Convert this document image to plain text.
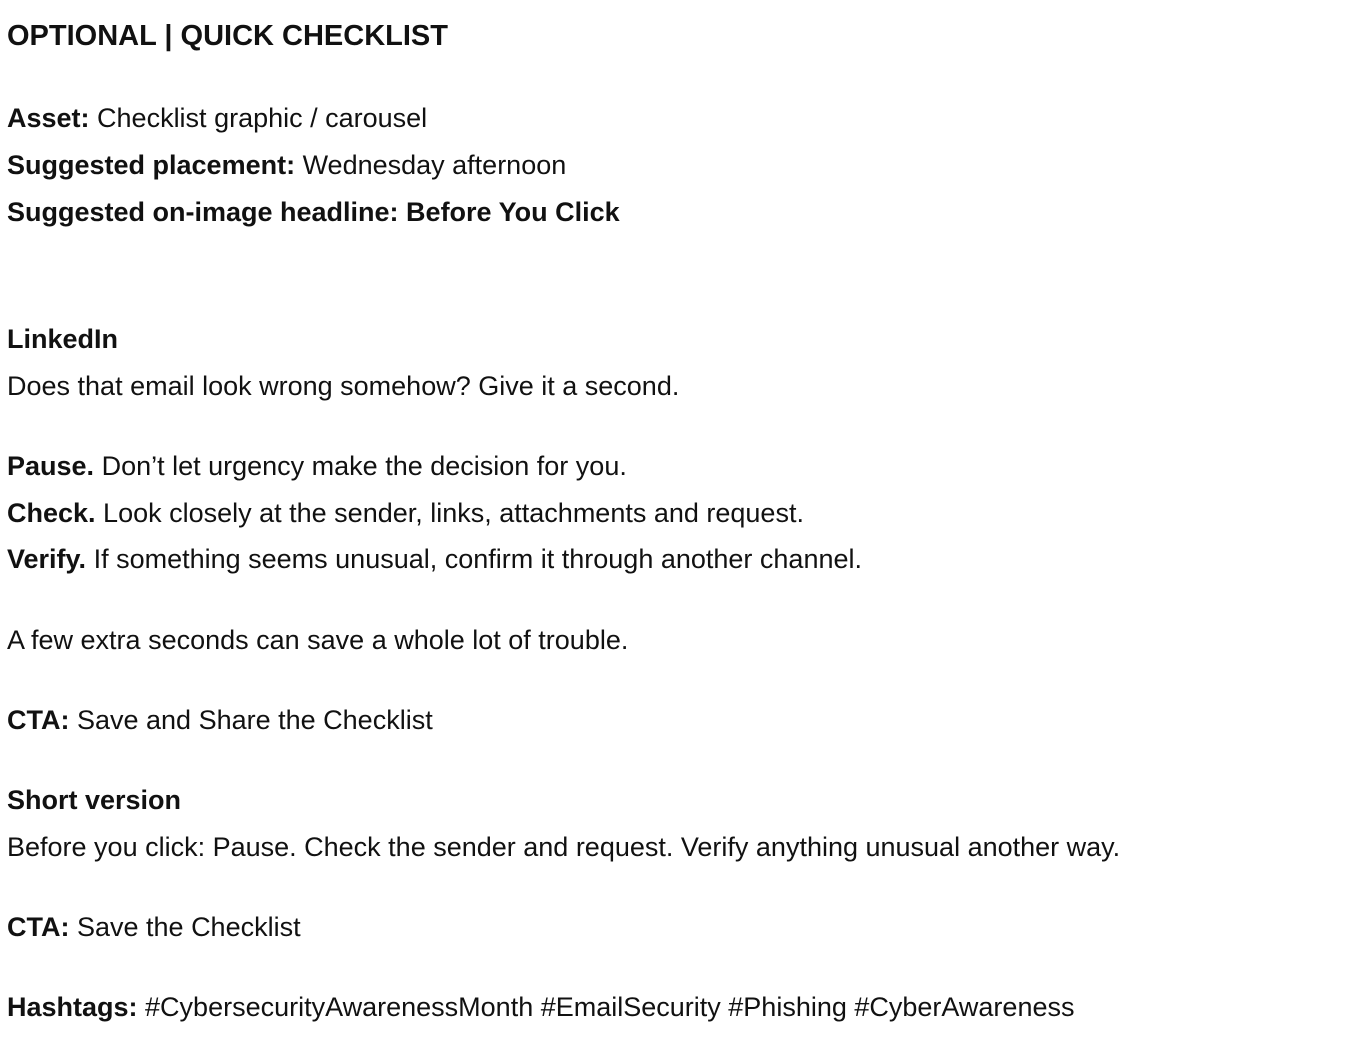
OPTIONAL | QUICK CHECKLIST
Asset: Checklist graphic / carousel
Suggested placement: Wednesday afternoon
Suggested on-image headline: Before You Click
LinkedIn
Does that email look wrong somehow? Give it a second.
Pause. Don’t let urgency make the decision for you.
Check. Look closely at the sender, links, attachments and request.
Verify. If something seems unusual, confirm it through another channel.
A few extra seconds can save a whole lot of trouble.
CTA: Save and Share the Checklist
Short version
Before you click: Pause. Check the sender and request. Verify anything unusual another way.
CTA: Save the Checklist
Hashtags: #CybersecurityAwarenessMonth #EmailSecurity #Phishing #CyberAwareness
